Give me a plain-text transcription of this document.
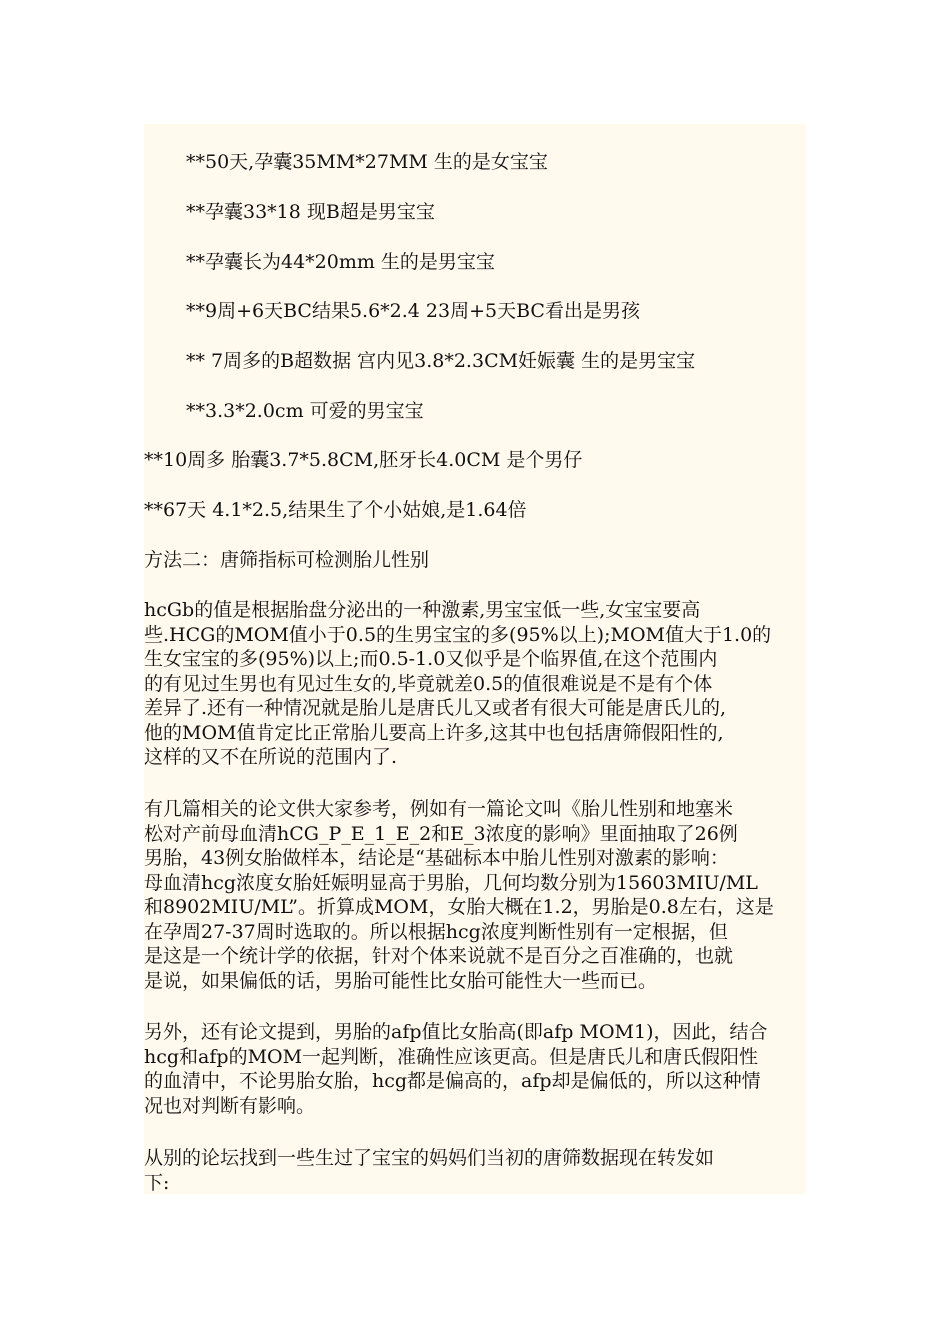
**50天,孕囊35MM*27MM 生的是女宝宝
**孕囊33*18 现B超是男宝宝
**孕囊长为44*20mm 生的是男宝宝
**9周+6天BC结果5.6*2.4 23周+5天BC看出是男孩
** 7周多的B超数据 宫内见3.8*2.3CM妊娠囊 生的是男宝宝
**3.3*2.0cm 可爱的男宝宝
**10周多 胎囊3.7*5.8CM,胚牙长4.0CM 是个男仔
**67天 4.1*2.5,结果生了个小姑娘,是1.64倍
方法二：唐筛指标可检测胎儿性别
hcGb的值是根据胎盘分泌出的一种激素,男宝宝低一些,女宝宝要高
些.HCG的MOM值小于0.5的生男宝宝的多(95%以上);MOM值大于1.0的
生女宝宝的多(95%)以上;而0.5-1.0又似乎是个临界值,在这个范围内
的有见过生男也有见过生女的,毕竟就差0.5的值很难说是不是有个体
差异了.还有一种情况就是胎儿是唐氏儿又或者有很大可能是唐氏儿的,
他的MOM值肯定比正常胎儿要高上许多,这其中也包括唐筛假阳性的,
这样的又不在所说的范围内了.
有几篇相关的论文供大家参考，例如有一篇论文叫《胎儿性别和地塞米
松对产前母血清hCG_P_E_1_E_2和E_3浓度的影响》里面抽取了26例
男胎，43例女胎做样本，结论是“基础标本中胎儿性别对激素的影响：
母血清hcg浓度女胎妊娠明显高于男胎，几何均数分别为15603MIU/ML
和8902MIU/ML”。折算成MOM，女胎大概在1.2，男胎是0.8左右，这是
在孕周27-37周时选取的。所以根据hcg浓度判断性别有一定根据，但
是这是一个统计学的依据，针对个体来说就不是百分之百准确的，也就
是说，如果偏低的话，男胎可能性比女胎可能性大一些而已。
另外，还有论文提到，男胎的afp值比女胎高(即afp MOM1)，因此，结合
hcg和afp的MOM一起判断，准确性应该更高。但是唐氏儿和唐氏假阳性
的血清中，不论男胎女胎，hcg都是偏高的，afp却是偏低的，所以这种情
况也对判断有影响。
从别的论坛找到一些生过了宝宝的妈妈们当初的唐筛数据现在转发如
下:
